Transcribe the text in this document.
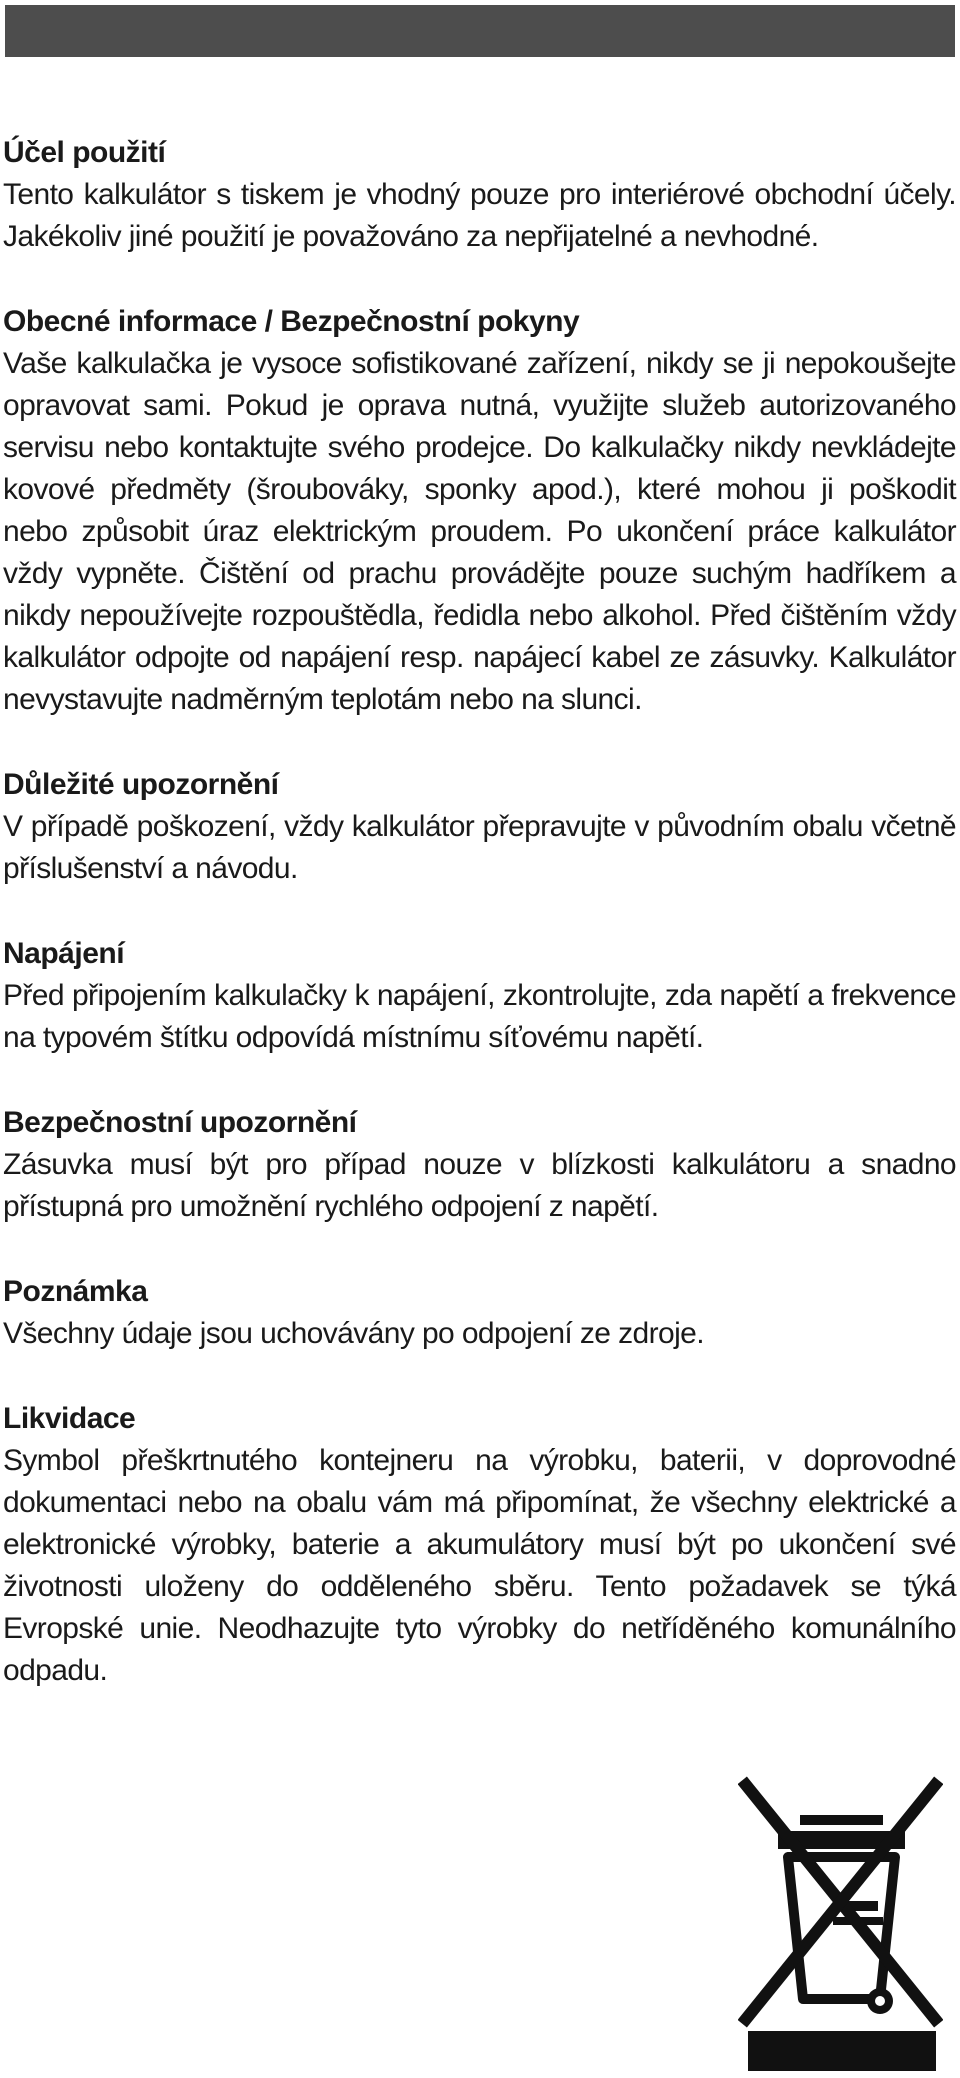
Účel použití

Tento kalkulátor s tiskem je vhodný pouze pro interiérové obchodní účely. Jakékoliv jiné použití je považováno za nepřijatelné a nevhodné.

Obecné informace / Bezpečnostní pokyny

Vaše kalkulačka je vysoce sofistikované zařízení, nikdy se ji nepokoušejte opravovat sami. Pokud je oprava nutná, využijte služeb autorizovaného servisu nebo kontaktujte svého prodejce. Do kalkulačky nikdy nevkládejte kovové předměty (šroubováky, sponky apod.), které mohou ji poškodit nebo způsobit úraz elektrickým proudem. Po ukončení práce kalkulátor vždy vypněte. Čištění od prachu provádějte pouze suchým hadříkem a nikdy nepoužívejte rozpouštědla, ředidla nebo alkohol. Před čištěním vždy kalkulátor odpojte od napájení resp. napájecí kabel ze zásuvky. Kalkulátor nevystavujte nadměrným teplotám nebo na slunci.

Důležité upozornění

V případě poškození, vždy kalkulátor přepravujte v původním obalu včetně příslušenství a návodu.

Napájení

Před připojením kalkulačky k napájení, zkontrolujte, zda napětí a frekvence na typovém štítku odpovídá místnímu síťovému napětí.

Bezpečnostní upozornění

Zásuvka musí být pro případ nouze v blízkosti kalkulátoru a snadno přístupná pro umožnění rychlého odpojení z napětí.

Poznámka

Všechny údaje jsou uchovávány po odpojení ze zdroje.

Likvidace

Symbol přeškrtnutého kontejneru na výrobku, baterii, v doprovodné dokumentaci nebo na obalu vám má připomínat, že všechny elektrické a elektronické výrobky, baterie a akumulátory musí být po ukončení své životnosti uloženy do odděleného sběru. Tento požadavek se týká Evropské unie. Neodhazujte tyto výrobky do netříděného komunálního odpadu.
